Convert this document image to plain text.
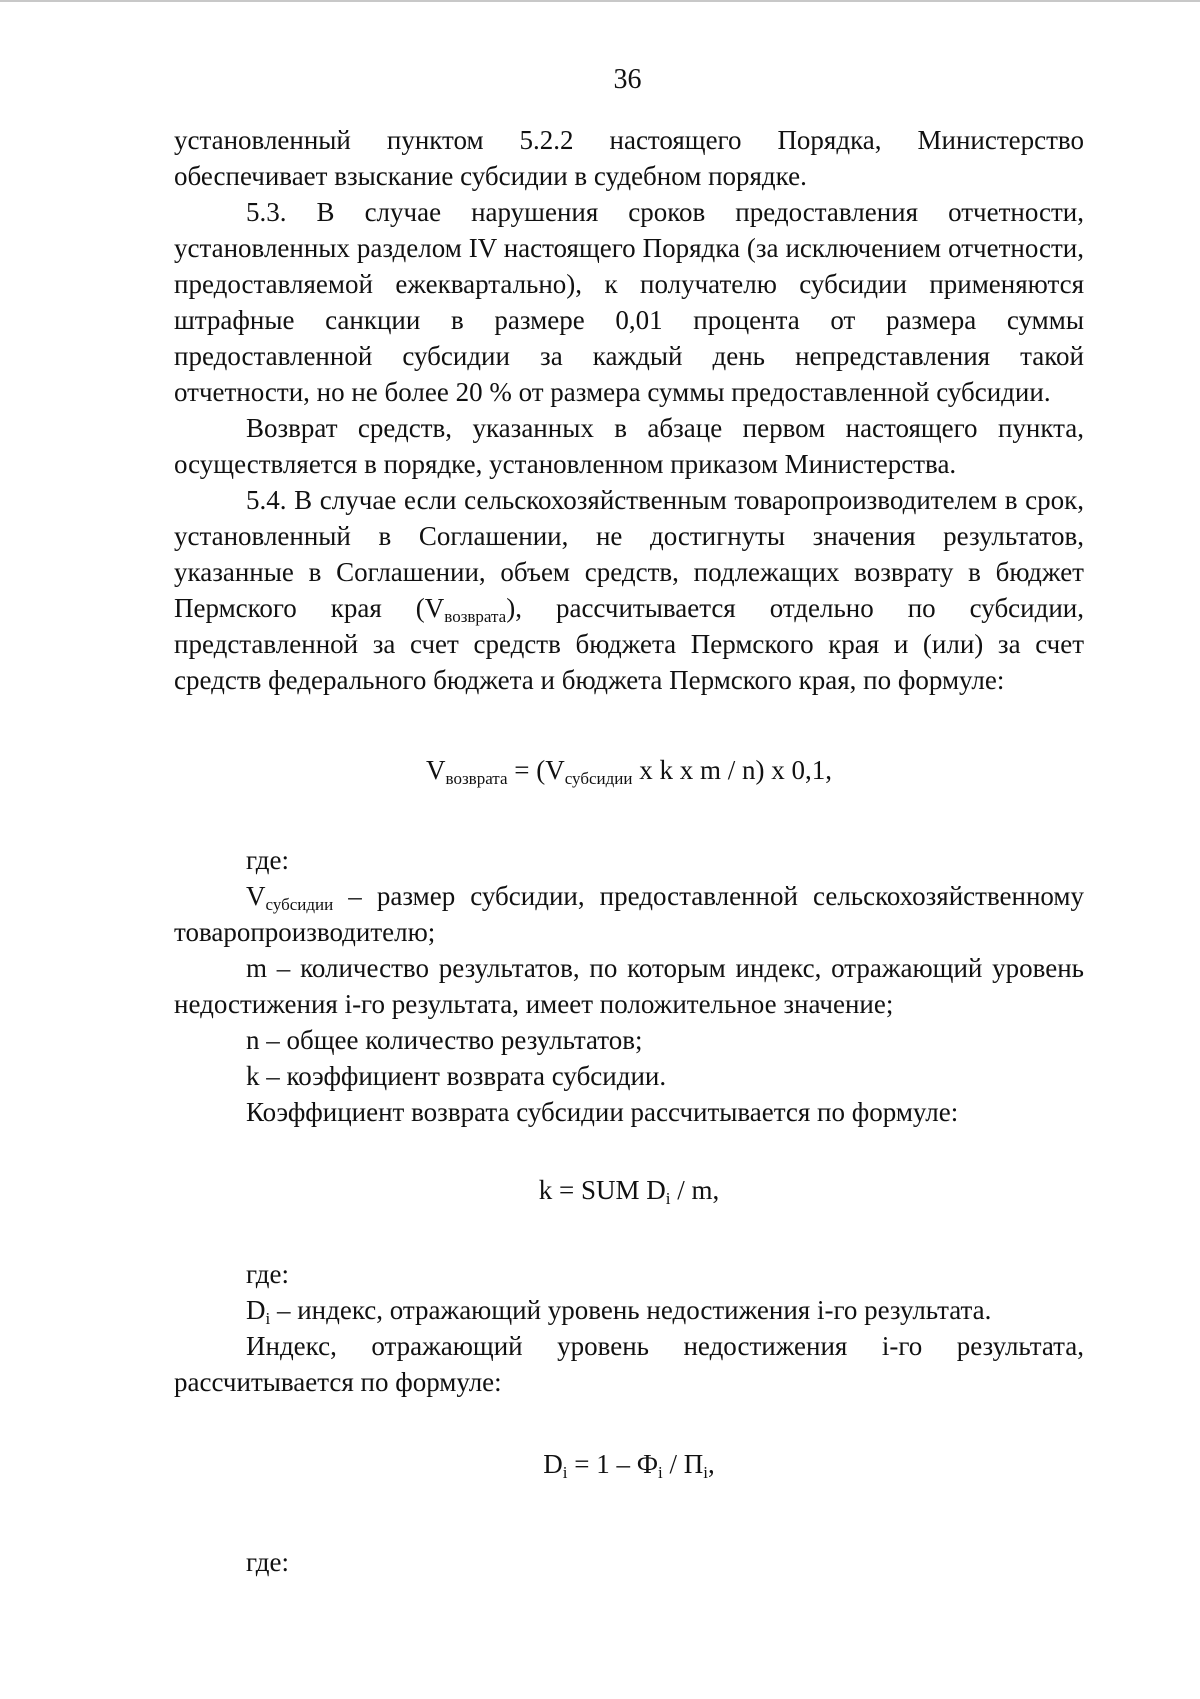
36

установленный пунктом 5.2.2 настоящего Порядка, Министерство обеспечивает взыскание субсидии в судебном порядке.

5.3. В случае нарушения сроков предоставления отчетности, установленных разделом IV настоящего Порядка (за исключением отчетности, предоставляемой ежеквартально), к получателю субсидии применяются штрафные санкции в размере 0,01 процента от размера суммы предоставленной субсидии за каждый день непредставления такой отчетности, но не более 20 % от размера суммы предоставленной субсидии.

Возврат средств, указанных в абзаце первом настоящего пункта, осуществляется в порядке, установленном приказом Министерства.

5.4. В случае если сельскохозяйственным товаропроизводителем в срок, установленный в Соглашении, не достигнуты значения результатов, указанные в Соглашении, объем средств, подлежащих возврату в бюджет Пермского края $(V_{возврата})$, рассчитывается отдельно по субсидии, представленной за счет средств бюджета Пермского края и (или) за счет средств федерального бюджета и бюджета Пермского края, по формуле:

$V_{возврата} = (V_{субсидии}$ x k x m / n) x 0,1,

где:

$V_{субсидии}$ – размер субсидии, предоставленной сельскохозяйственному товаропроизводителю;

m – количество результатов, по которым индекс, отражающий уровень недостижения i-го результата, имеет положительное значение;

n – общее количество результатов;

k – коэффициент возврата субсидии.

Коэффициент возврата субсидии рассчитывается по формуле:

k = SUM $D_i$ / m,

где:

$D_i$ – индекс, отражающий уровень недостижения i-го результата.

Индекс, отражающий уровень недостижения i-го результата, рассчитывается по формуле:

$D_i = 1 - Ф_i / П_i$,

где:
